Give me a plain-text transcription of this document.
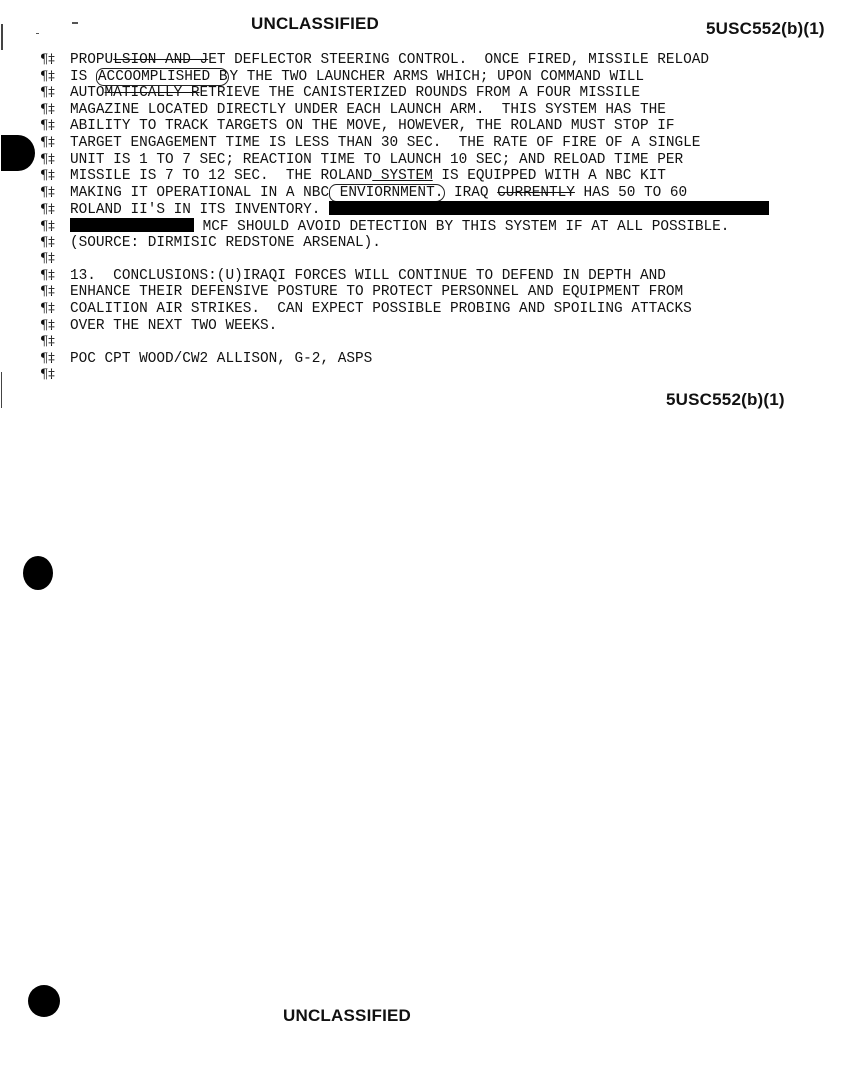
UNCLASSIFIED	5USC552(b)(1)
¶‡ PROPULSION AND JET DEFLECTOR STEERING CONTROL.  ONCE FIRED, MISSILE RELOAD
¶‡ IS ACCOOMPLISHED B Y THE TWO LAUNCHER ARMS WHICH; UPON COMMAND WILL
¶‡ AUTOMATICALLY RETRIEVE THE CANISTERIZED ROUNDS FROM A FOUR MISSILE
¶‡ MAGAZINE LOCATED DIRECTLY UNDER EACH LAUNCH ARM.  THIS SYSTEM HAS THE
¶‡ ABILITY TO TRACK TARGETS ON THE MOVE, HOWEVER, THE ROLAND MUST STOP IF
¶‡ TARGET ENGAGEMENT TIME IS LESS THAN 30 SEC.  THE RATE OF FIRE OF A SINGLE
¶‡ UNIT IS 1 TO 7 SEC; REACTION TIME TO LAUNCH 10 SEC; AND RELOAD TIME PER
¶‡ MISSILE IS 7 TO 12 SEC.  THE ROLAND SYSTEM IS EQUIPPED WITH A NBC KIT
¶‡ MAKING IT OPERATIONAL IN A NBC ENVIORNMENT. IRAQ CURRENTLY HAS 50 TO 60
¶‡ ROLAND II'S IN ITS INVENTORY.
¶‡	MCF SHOULD AVOID DETECTION BY THIS SYSTEM IF AT ALL POSSIBLE.
¶‡ (SOURCE: DIRMISIC REDSTONE ARSENAL).
¶‡
¶‡ 13.  CONCLUSIONS:(U)IRAQI FORCES WILL CONTINUE TO DEFEND IN DEPTH AND
¶‡ ENHANCE THEIR DEFENSIVE POSTURE TO PROTECT PERSONNEL AND EQUIPMENT FROM
¶‡ COALITION AIR STRIKES.  CAN EXPECT POSSIBLE PROBING AND SPOILING ATTACKS
¶‡ OVER THE NEXT TWO WEEKS.
¶‡
¶‡ POC CPT WOOD/CW2 ALLISON, G-2, ASPS
¶‡
5USC552(b)(1)
UNCLASSIFIED
